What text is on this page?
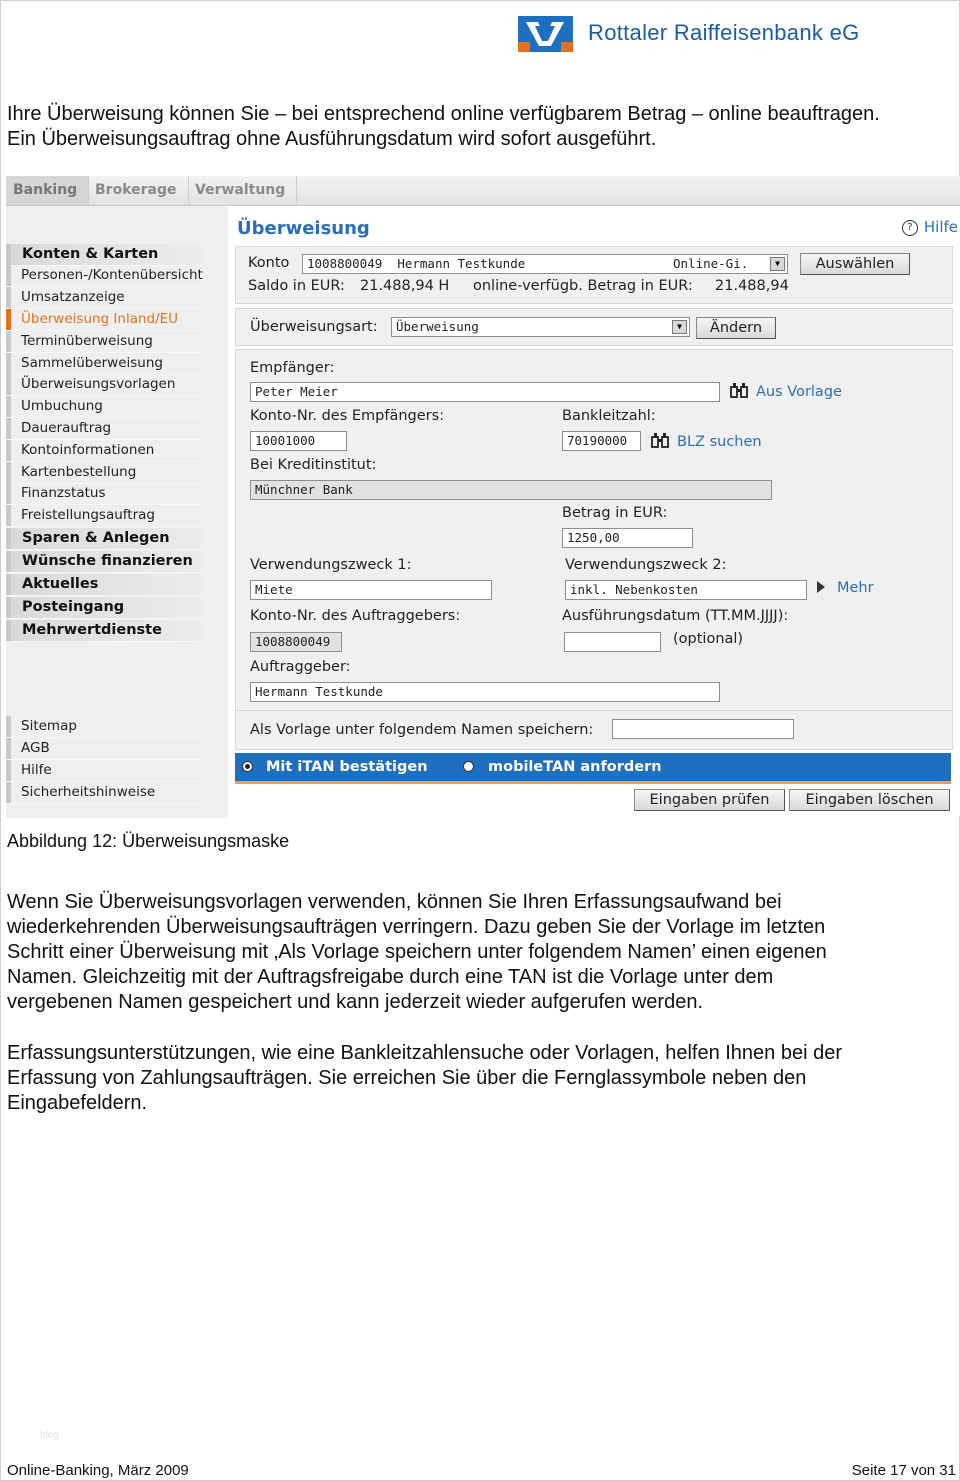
Rottaler Raiffeisenbank eG
Ihre Überweisung können Sie – bei entsprechend online verfügbarem Betrag – online beauftragen.
Ein Überweisungsauftrag ohne Ausführungsdatum wird sofort ausgeführt.
Banking	Brokerage	Verwaltung
Konten & Karten
Personen-/Kontenübersicht
Umsatzanzeige
Überweisung Inland/EU
Terminüberweisung
Sammelüberweisung
Überweisungsvorlagen
Umbuchung
Dauerauftrag
Kontoinformationen
Kartenbestellung
Finanzstatus
Freistellungsauftrag
Sparen & Anlegen
Wünsche finanzieren
Aktuelles
Posteingang
Mehrwertdienste
Sitemap
AGB
Hilfe
Sicherheitshinweise
Überweisung	? Hilfe
Konto	1008800049 Hermann Testkunde	Online-Gi.	▼	Auswählen
Saldo in EUR: 21.488,94 H online-verfügb. Betrag in EUR: 21.488,94
Überweisungsart:	Überweisung	▼	Ändern
Empfänger:
Peter Meier	Aus Vorlage
Konto-Nr. des Empfängers:
10001000
Bankleitzahl:
70190000	BLZ suchen
Bei Kreditinstitut:
Münchner Bank
Betrag in EUR:
1250,00
Verwendungszweck 1:
Miete
Verwendungszweck 2:
inkl. Nebenkosten	Mehr
Konto-Nr. des Auftraggebers:
1008800049
Ausführungsdatum (TT.MM.JJJJ):
(optional)
Auftraggeber:
Hermann Testkunde
Als Vorlage unter folgendem Namen speichern:
Mit iTAN bestätigen	mobileTAN anfordern
Eingaben prüfen	Eingaben löschen
Abbildung 12: Überweisungsmaske
Wenn Sie Überweisungsvorlagen verwenden, können Sie Ihren Erfassungsaufwand bei
wiederkehrenden Überweisungsaufträgen verringern. Dazu geben Sie der Vorlage im letzten
Schritt einer Überweisung mit ‚Als Vorlage speichern unter folgendem Namen’ einen eigenen
Namen. Gleichzeitig mit der Auftragsfreigabe durch eine TAN ist die Vorlage unter dem
vergebenen Namen gespeichert und kann jederzeit wieder aufgerufen werden.
Erfassungsunterstützungen, wie eine Bankleitzahlensuche oder Vorlagen, helfen Ihnen bei der
Erfassung von Zahlungsaufträgen. Sie erreichen Sie über die Fernglassymbole neben den
Eingabefeldern.
blog
Online-Banking, März 2009	Seite 17 von 31
